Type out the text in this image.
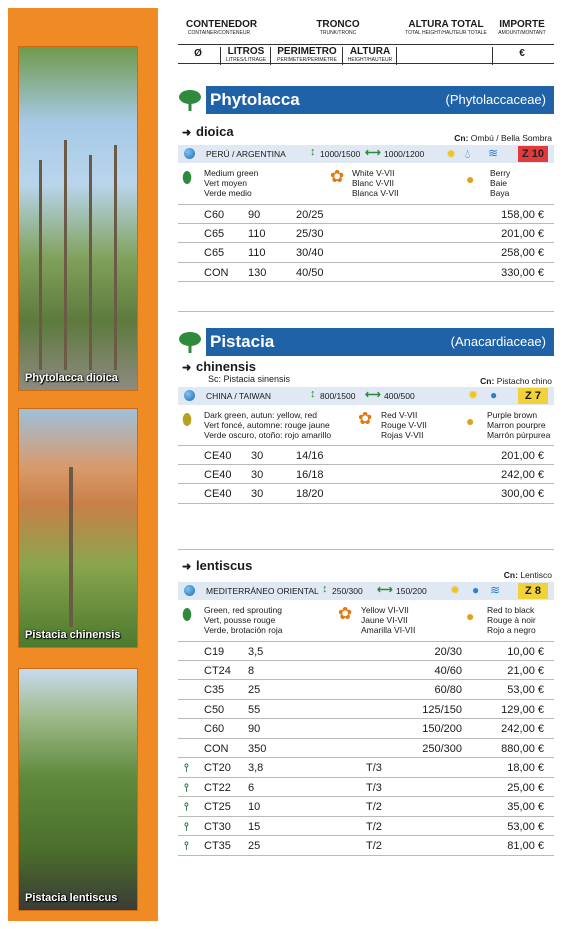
Phytolacca dioica
Pistacia chinensis
Pistacia lentiscus
CONTENEDOR
CONTAINER/CONTENEUR
TRONCO
TRUNK/TRONC
ALTURA TOTAL
TOTAL HEIGHT/HAUTEUR TOTALE
IMPORTE
AMOUNT/MONTANT
Ø	LITROS
LITRES/LITRAGE
PERIMETRO
PERIMETER/PERIMETRE
ALTURA
HEIGHT/HAUTEUR
€
Phytolacca	(Phytolaccaceae)
➜ dioica	Cn: Ombú / Bella Sombra
PERÚ / ARGENTINA ↕ 1000/1500 ⟷ 1000/1200 ✹ 💧︎ ≋	Z 10
⬮ Medium green
Vert moyen
Verde medio
✿ White V-VII
Blanc V-VII
Blanca V-VII
● Berry
Baie
Baya
C60 90	20/25	158,00 €
C65 110	25/30	201,00 €
C65 110	30/40	258,00 €
CON 130	40/50	330,00 €
Pistacia	(Anacardiaceae)
➜ chinensis
Sc: Pistacia sinensis	Cn: Pistacho chino
CHINA / TAIWAN	↕ 800/1500 ⟷ 400/500	✹ ●	Z 7
⬮ Dark green, autun: yellow, red
Vert foncé, automne: rouge jaune
Verde oscuro, otoño: rojo amarillo
✿ Red V-VII
Rouge V-VII
Rojas V-VII
● Purple brown
Marron pourpre
Marrón púrpurea
CE40 30	14/16	201,00 €
CE40 30	16/18	242,00 €
CE40 30	18/20	300,00 €
➜ lentiscus
Cn: Lentisco
MEDITERRÁNEO ORIENTAL ↕ 250/300 ⟷ 150/200 ✹ ● ≋	Z 8
⬮ Green, red sprouting
Vert, pousse rouge
Verde, brotación roja
✿ Yellow VI-VII
Jaune VI-VII
Amarilla VI-VII
● Red to black
Rouge à noir
Rojo a negro
C19 3,5	20/30	10,00 €
CT24 8	40/60	21,00 €
C35 25	60/80	53,00 €
C50 55	125/150	129,00 €
C60 90	150/200	242,00 €
CON 350	250/300	880,00 €
⫯ CT20 3,8	T/3	18,00 €
⫯ CT22 6	T/3	25,00 €
⫯ CT25 10	T/2	35,00 €
⫯ CT30 15	T/2	53,00 €
⫯ CT35 25	T/2	81,00 €
